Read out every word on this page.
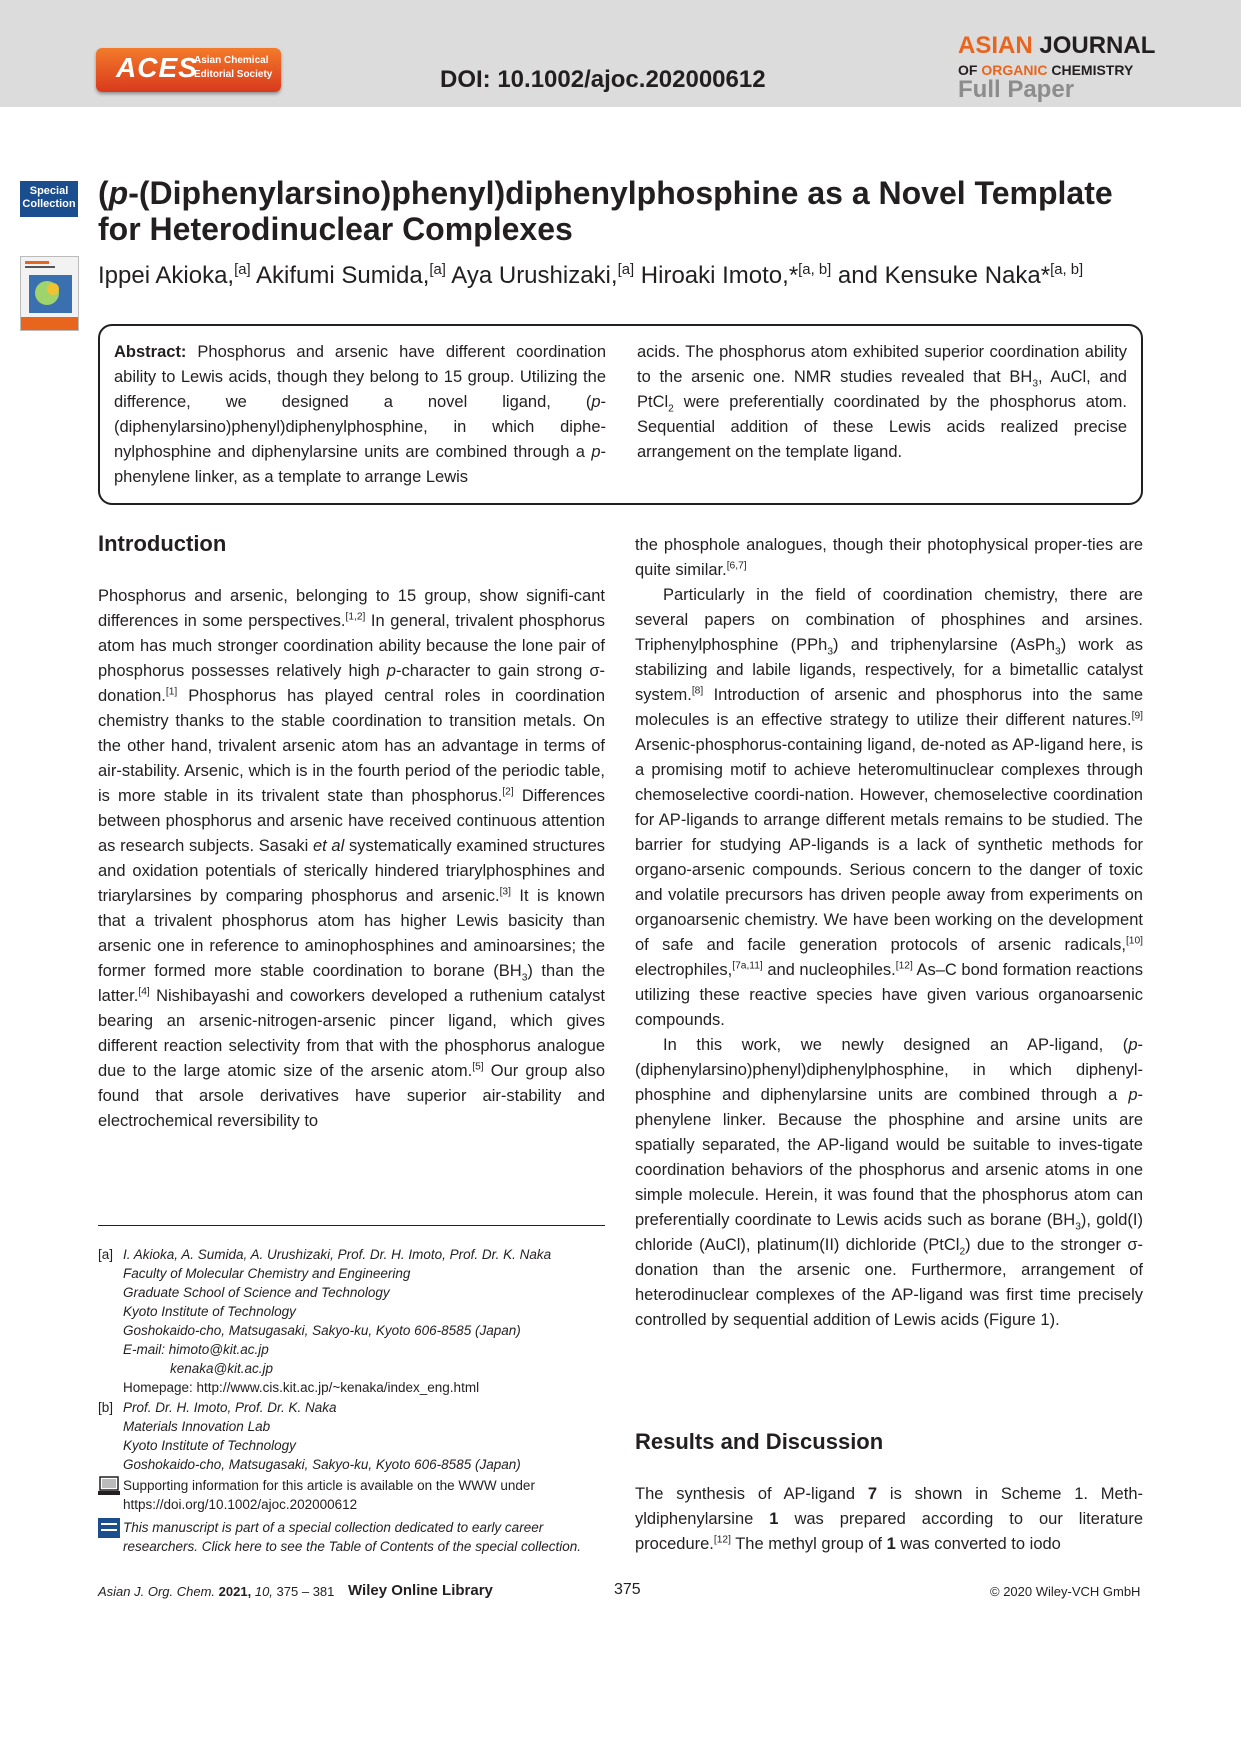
ACES
Asian Chemical
Editorial Society	DOI: 10.1002/ajoc.202000612
ASIAN JOURNAL
OF ORGANIC CHEMISTRY
Full Paper
Special
Collection (p-(Diphenylarsino)phenyl)diphenylphosphine as a Novel Template for Heterodinuclear Complexes
Ippei Akioka,[a] Akifumi Sumida,[a] Aya Urushizaki,[a] Hiroaki Imoto,*[a, b] and Kensuke Naka*[a, b]
Abstract: Phosphorus and arsenic have different coordination ability to Lewis acids, though they belong to 15 group. Utilizing the difference, we designed a novel ligand, (p-(diphenylarsino)phenyl)diphenylphosphine, in which diphe-nylphosphine and diphenylarsine units are combined through a p-phenylene linker, as a template to arrange Lewis
acids. The phosphorus atom exhibited superior coordination ability to the arsenic one. NMR studies revealed that $BH_3$, AuCl, and PtCl$_2$ were preferentially coordinated by the phosphorus atom. Sequential addition of these Lewis acids realized precise arrangement on the template ligand.
Introduction

Phosphorus and arsenic, belonging to 15 group, show signifi-cant differences in some perspectives.[1,2] In general, trivalent phosphorus atom has much stronger coordination ability because the lone pair of phosphorus possesses relatively high p-character to gain strong σ-donation.[1] Phosphorus has played central roles in coordination chemistry thanks to the stable coordination to transition metals. On the other hand, trivalent arsenic atom has an advantage in terms of air-stability. Arsenic, which is in the fourth period of the periodic table, is more stable in its trivalent state than phosphorus.[2] Differences between phosphorus and arsenic have received continuous attention as research subjects. Sasaki et al systematically examined structures and oxidation potentials of sterically hindered triarylphosphines and triarylarsines by comparing phosphorus and arsenic.[3] It is known that a trivalent phosphorus atom has higher Lewis basicity than arsenic one in reference to aminophosphines and aminoarsines; the former formed more stable coordination to borane $(BH_3)$ than the latter.[4] Nishibayashi and coworkers developed a ruthenium catalyst bearing an arsenic-nitrogen-arsenic pincer ligand, which gives different reaction selectivity from that with the phosphorus analogue due to the large atomic size of the arsenic atom.[5] Our group also found that arsole derivatives have superior air-stability and electrochemical reversibility to

[a] I. Akioka, A. Sumida, A. Urushizaki, Prof. Dr. H. Imoto, Prof. Dr. K. Naka
Faculty of Molecular Chemistry and Engineering
Graduate School of Science and Technology
Kyoto Institute of Technology
Goshokaido-cho, Matsugasaki, Sakyo-ku, Kyoto 606-8585 (Japan)
E-mail: himoto@kit.ac.jp
kenaka@kit.ac.jp
Homepage: http://www.cis.kit.ac.jp/~kenaka/index_eng.html
[b] Prof. Dr. H. Imoto, Prof. Dr. K. Naka
Materials Innovation Lab
Kyoto Institute of Technology
Goshokaido-cho, Matsugasaki, Sakyo-ku, Kyoto 606-8585 (Japan)
Supporting information for this article is available on the WWW under https://doi.org/10.1002/ajoc.202000612
This manuscript is part of a special collection dedicated to early career researchers. Click here to see the Table of Contents of the special collection.

the phosphole analogues, though their photophysical proper-ties are quite similar.[6,7]

Particularly in the field of coordination chemistry, there are several papers on combination of phosphines and arsines. Triphenylphosphine (PPh$_3$) and triphenylarsine (AsPh$_3$) work as stabilizing and labile ligands, respectively, for a bimetallic catalyst system.[8] Introduction of arsenic and phosphorus into the same molecules is an effective strategy to utilize their different natures.[9] Arsenic-phosphorus-containing ligand, de-noted as AP-ligand here, is a promising motif to achieve heteromultinuclear complexes through chemoselective coordi-nation. However, chemoselective coordination for AP-ligands to arrange different metals remains to be studied. The barrier for studying AP-ligands is a lack of synthetic methods for organo-arsenic compounds. Serious concern to the danger of toxic and volatile precursors has driven people away from experiments on organoarsenic chemistry. We have been working on the development of safe and facile generation protocols of arsenic radicals,[10] electrophiles,[7a,11] and nucleophiles.[12] As–C bond formation reactions utilizing these reactive species have given various organoarsenic compounds.

In this work, we newly designed an AP-ligand, (p-(diphenylarsino)phenyl)diphenylphosphine, in which diphenyl-phosphine and diphenylarsine units are combined through a p-phenylene linker. Because the phosphine and arsine units are spatially separated, the AP-ligand would be suitable to inves-tigate coordination behaviors of the phosphorus and arsenic atoms in one simple molecule. Herein, it was found that the phosphorus atom can preferentially coordinate to Lewis acids such as borane $(BH_3)$, gold(I) chloride (AuCl), platinum(II) dichloride (PtCl$_2$) due to the stronger σ-donation than the arsenic one. Furthermore, arrangement of heterodinuclear complexes of the AP-ligand was first time precisely controlled by sequential addition of Lewis acids (Figure 1).

Results and Discussion

The synthesis of AP-ligand 7 is shown in Scheme 1. Meth-yldiphenylarsine 1 was prepared according to our literature procedure.[12] The methyl group of 1 was converted to iodo

Asian J. Org. Chem. 2021, 10, 375 – 381 Wiley Online Library	375	© 2020 Wiley-VCH GmbH
